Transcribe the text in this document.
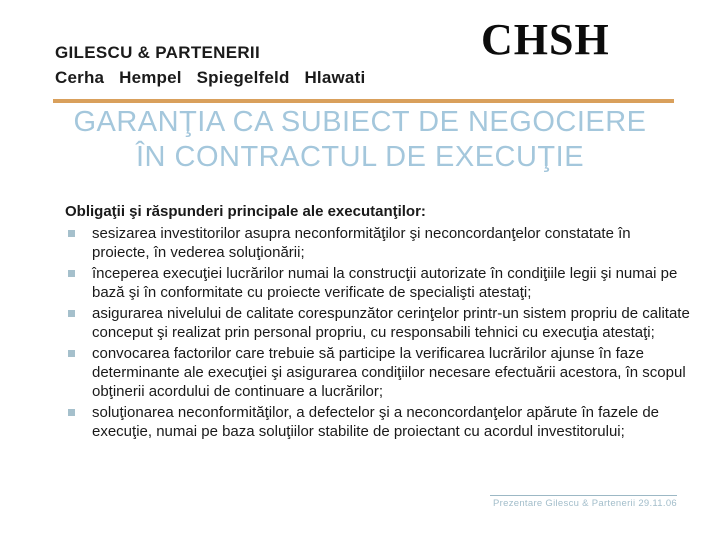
GILESCU & PARTENERII
Cerha Hempel Spiegelfeld Hlawati
CHSH
GARANŢIA CA SUBIECT DE NEGOCIERE
ÎN CONTRACTUL DE EXECUŢIE

Obligaţii şi răspunderi principale ale executanţilor:

sesizarea investitorilor asupra neconformităţilor şi neconcordanţelor constatate în proiecte, în vederea soluţionării;
începerea execuţiei lucrărilor numai la construcţii autorizate în condiţiile legii şi numai pe bază şi în conformitate cu proiecte verificate de specialişti atestaţi;
asigurarea nivelului de calitate corespunzător cerinţelor printr-un sistem propriu de calitate conceput şi realizat prin personal propriu, cu responsabili tehnici cu execuţia atestaţi;
convocarea factorilor care trebuie să participe la verificarea lucrărilor ajunse în faze determinante ale execuţiei şi asigurarea condiţiilor necesare efectuării acestora, în scopul obţinerii acordului de continuare a lucrărilor;
soluţionarea neconformităţilor, a defectelor şi a neconcordanţelor apărute în fazele de execuţie, numai pe baza soluţiilor stabilite de proiectant cu acordul investitorului;
Prezentare Gilescu & Partenerii 29.11.06
